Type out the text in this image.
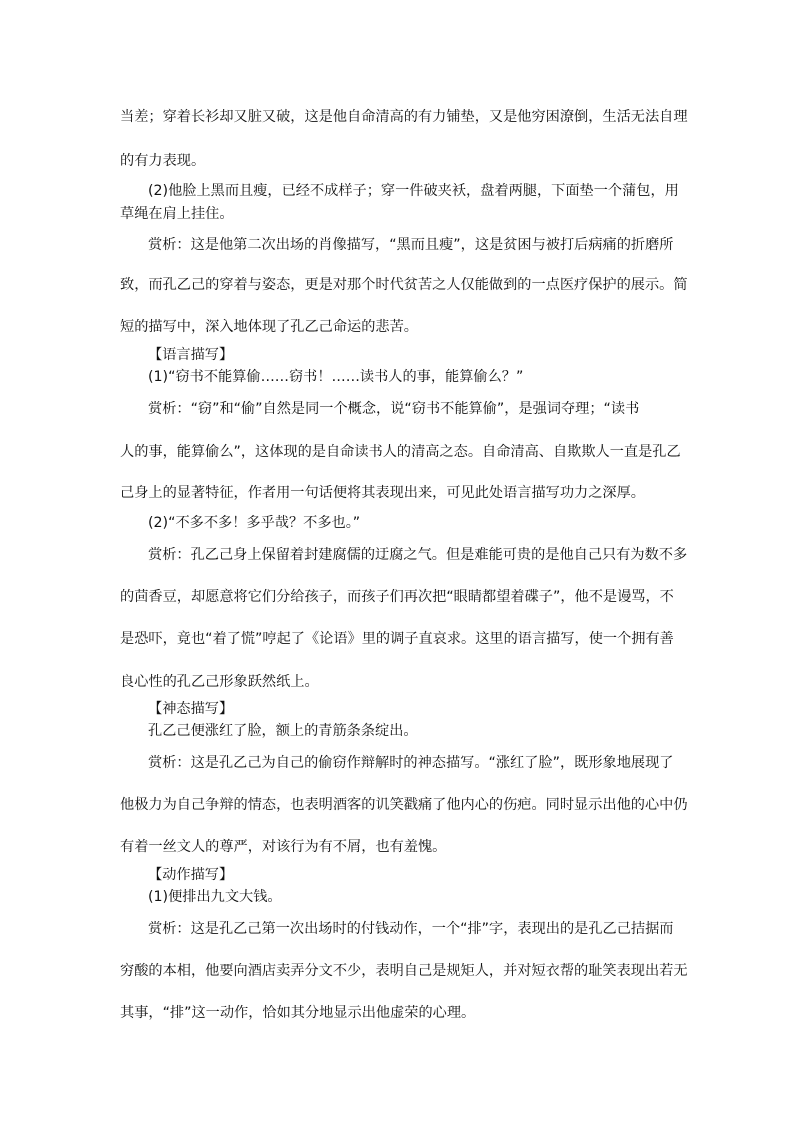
当差；穿着长衫却又脏又破，这是他自命清高的有力铺垫，又是他穷困潦倒，生活无法自理
的有力表现。
(2)他脸上黑而且瘦，已经不成样子；穿一件破夹袄，盘着两腿，下面垫一个蒲包，用
草绳在肩上挂住。
赏析：这是他第二次出场的肖像描写，“黑而且瘦”，这是贫困与被打后病痛的折磨所
致，而孔乙己的穿着与姿态，更是对那个时代贫苦之人仅能做到的一点医疗保护的展示。简
短的描写中，深入地体现了孔乙己命运的悲苦。
【语言描写】
(1)“窃书不能算偷……窃书！……读书人的事，能算偷么？”
赏析：“窃”和“偷”自然是同一个概念，说“窃书不能算偷”，是强词夺理；“读书
人的事，能算偷么”，这体现的是自命读书人的清高之态。自命清高、自欺欺人一直是孔乙
己身上的显著特征，作者用一句话便将其表现出来，可见此处语言描写功力之深厚。
(2)“不多不多！多乎哉？不多也。”
赏析：孔乙己身上保留着封建腐儒的迂腐之气。但是难能可贵的是他自己只有为数不多
的茴香豆，却愿意将它们分给孩子，而孩子们再次把“眼睛都望着碟子”，他不是谩骂，不
是恐吓，竟也“着了慌”哼起了《论语》里的调子直哀求。这里的语言描写，使一个拥有善
良心性的孔乙己形象跃然纸上。
【神态描写】
孔乙己便涨红了脸，额上的青筋条条绽出。
赏析：这是孔乙己为自己的偷窃作辩解时的神态描写。“涨红了脸”，既形象地展现了
他极力为自己争辩的情态，也表明酒客的讥笑戳痛了他内心的伤疤。同时显示出他的心中仍
有着一丝文人的尊严，对该行为有不屑，也有羞愧。
【动作描写】
(1)便排出九文大钱。
赏析：这是孔乙己第一次出场时的付钱动作，一个“排”字，表现出的是孔乙己拮据而
穷酸的本相，他要向酒店卖弄分文不少，表明自己是规矩人，并对短衣帮的耻笑表现出若无
其事，“排”这一动作，恰如其分地显示出他虚荣的心理。
